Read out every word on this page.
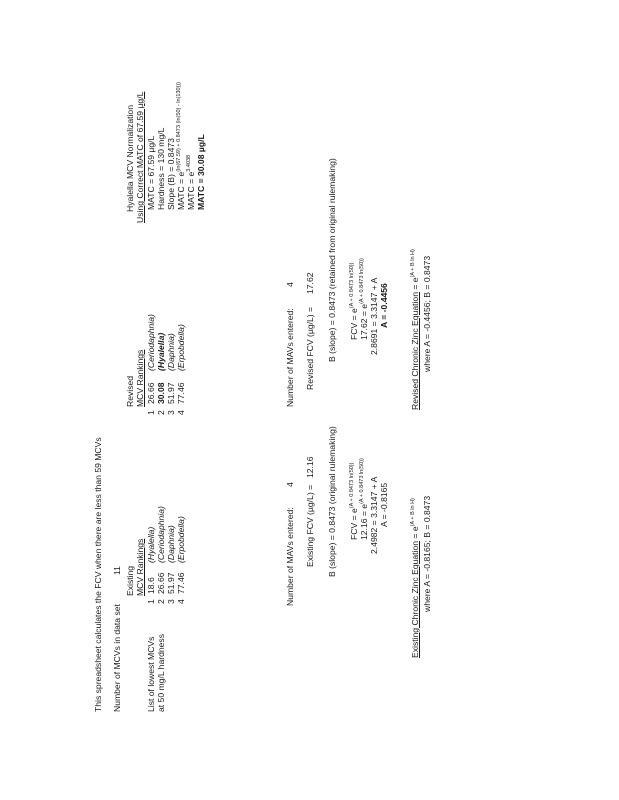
This spreadsheet calculates the FCV when there are less than 59 MCVs Number of MCVs in data set
11
List of lowest MCVs at 50 mg/L hardness
Existing MCV Rankings
1
18.6
(Hyalella)
2
26.66
(Ceriodaphnia)
3
51.97
(Daphnia)
4
77.46
(Erpobdella)
Revised MCV Rankings
1
26.66
(Ceriodaphnia)
2
30.08
(Hyalella)
3
51.97
(Daphnia)
4
77.46
(Erpobdella)
Hyalella MCV Normalization Using Correct MATC of 67.59 µg/L MATC = 67.59 µg/L Hardness = 130 mg/L Slope (B) = 0.8473 MATC = $e^{(ln(67.59) + 0.8473 (ln(50) - ln(130)))}$
MATC = $e^{3.4038}$ MATC = 30.08 µg/L
Number of MAVs entered:
4
Existing FCV (µg/L) =
12.16 B (slope) = 0.8473 (original rulemaking) FCV = $e^{(A + 0.8473 ln(50))}$
$12.16 = e^{(A + 0.8473 ln(50))}$ 2.4982 = 3.3147 + A A = -0.8165
Existing Chronic Zinc Equation = $e^{(A + B ln H)}$ where A = -0.8165; B = 0.8473
Number of MAVs entered:
4
Revised FCV (µg/L) =
17.62 B (slope) = 0.8473 (retained from original rulemaking) FCV = $e^{(A + 0.8473 ln(50))}$
$17.62 = e^{(A + 0.8473 ln(50))}$ 2.8691 = 3.3147 + A A = -0.4456 Revised Chronic Zinc Equation = $e^{(A + B ln H)}$ where A = -0.4456; B = 0.8473
